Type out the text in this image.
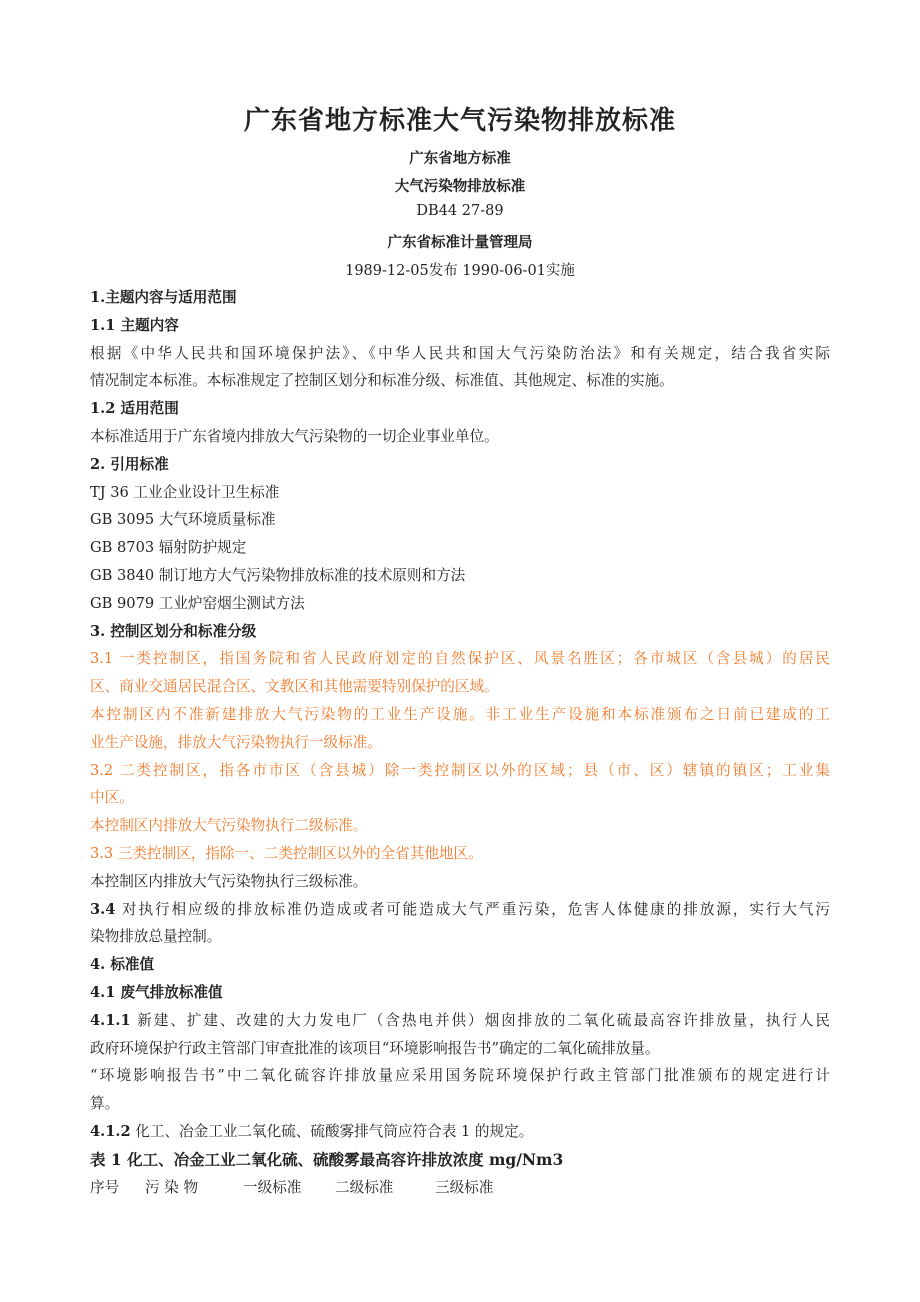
广东省地方标准大气污染物排放标准
广东省地方标准
大气污染物排放标准
DB44 27-89
广东省标准计量管理局
1989-12-05发布 1990-06-01实施
1.主题内容与适用范围
1.1 主题内容
根据《中华人民共和国环境保护法》、《中华人民共和国大气污染防治法》和有关规定，结合我省实际
情况制定本标准。本标准规定了控制区划分和标准分级、标准值、其他规定、标准的实施。
1.2 适用范围
本标准适用于广东省境内排放大气污染物的一切企业事业单位。
2. 引用标准
TJ 36 工业企业设计卫生标准
GB 3095 大气环境质量标准
GB 8703 辐射防护规定
GB 3840 制订地方大气污染物排放标准的技术原则和方法
GB 9079 工业炉窑烟尘测试方法
3. 控制区划分和标准分级
3.1 一类控制区，指国务院和省人民政府划定的自然保护区、风景名胜区；各市城区（含县城）的居民
区、商业交通居民混合区、文教区和其他需要特别保护的区域。
本控制区内不准新建排放大气污染物的工业生产设施。非工业生产设施和本标准颁布之日前已建成的工
业生产设施，排放大气污染物执行一级标准。
3.2 二类控制区，指各市市区（含县城）除一类控制区以外的区域；县（市、区）辖镇的镇区；工业集
中区。
本控制区内排放大气污染物执行二级标准。
3.3 三类控制区，指除一、二类控制区以外的全省其他地区。
本控制区内排放大气污染物执行三级标准。
3.4 对执行相应级的排放标准仍造成或者可能造成大气严重污染，危害人体健康的排放源，实行大气污
染物排放总量控制。
4. 标准值
4.1 废气排放标准值
4.1.1 新建、扩建、改建的大力发电厂（含热电并供）烟囱排放的二氧化硫最高容许排放量，执行人民
政府环境保护行政主管部门审查批准的该项目“环境影响报告书”确定的二氧化硫排放量。
“环境影响报告书”中二氧化硫容许排放量应采用国务院环境保护行政主管部门批准颁布的规定进行计
算。
4.1.2 化工、冶金工业二氧化硫、硫酸雾排气筒应符合表 1 的规定。
表 1 化工、冶金工业二氧化硫、硫酸雾最高容许排放浓度 mg/Nm3
序号 污 染 物	一级标准 二级标准	三级标准
